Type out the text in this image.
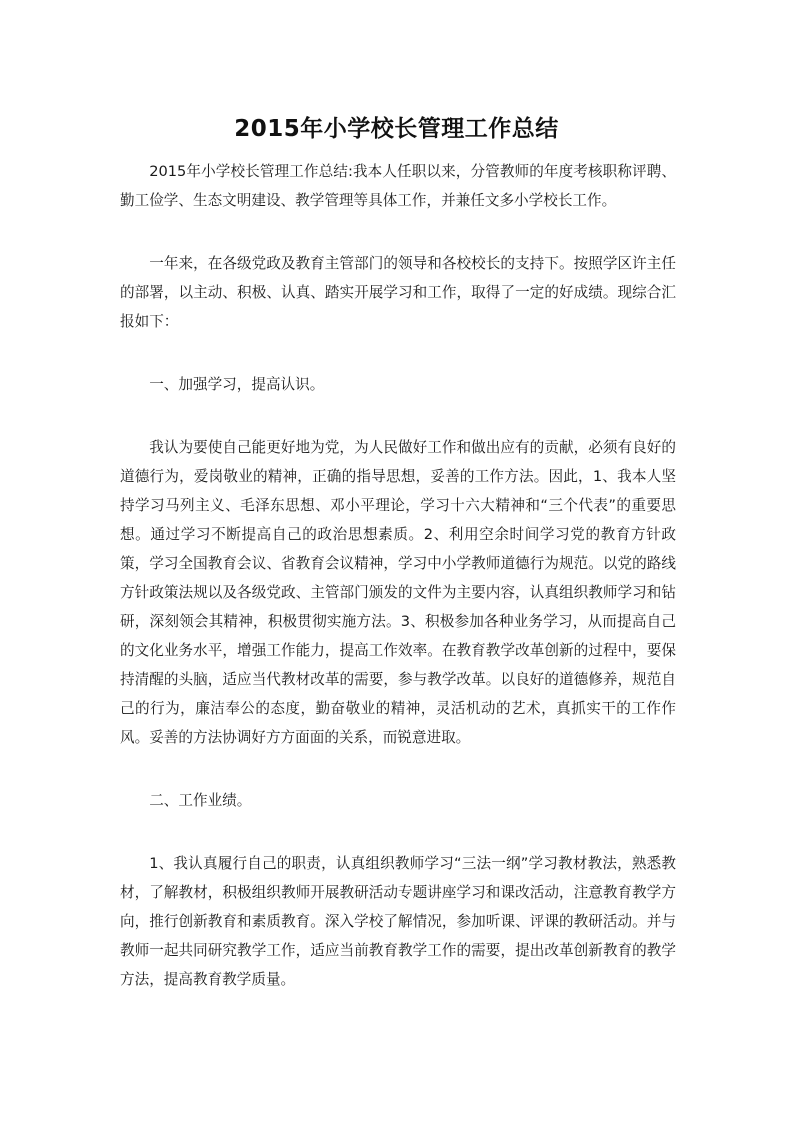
2015年小学校长管理工作总结

2015年小学校长管理工作总结:我本人任职以来，分管教师的年度考核职称评聘、勤工俭学、生态文明建设、教学管理等具体工作，并兼任文多小学校长工作。

一年来，在各级党政及教育主管部门的领导和各校校长的支持下。按照学区许主任的部署，以主动、积极、认真、踏实开展学习和工作，取得了一定的好成绩。现综合汇报如下：

一、加强学习，提高认识。

我认为要使自己能更好地为党，为人民做好工作和做出应有的贡献，必须有良好的道德行为，爱岗敬业的精神，正确的指导思想，妥善的工作方法。因此，1、我本人坚持学习马列主义、毛泽东思想、邓小平理论，学习十六大精神和“三个代表”的重要思想。通过学习不断提高自己的政治思想素质。2、利用空余时间学习党的教育方针政策，学习全国教育会议、省教育会议精神，学习中小学教师道德行为规范。以党的路线方针政策法规以及各级党政、主管部门颁发的文件为主要内容，认真组织教师学习和钻研，深刻领会其精神，积极贯彻实施方法。3、积极参加各种业务学习，从而提高自己的文化业务水平，增强工作能力，提高工作效率。在教育教学改革创新的过程中，要保持清醒的头脑，适应当代教材改革的需要，参与教学改革。以良好的道德修养，规范自己的行为，廉洁奉公的态度，勤奋敬业的精神，灵活机动的艺术，真抓实干的工作作风。妥善的方法协调好方方面面的关系，而锐意进取。

二、工作业绩。

1、我认真履行自己的职责，认真组织教师学习“三法一纲”学习教材教法，熟悉教材，了解教材，积极组织教师开展教研活动专题讲座学习和课改活动，注意教育教学方向，推行创新教育和素质教育。深入学校了解情况，参加听课、评课的教研活动。并与教师一起共同研究教学工作，适应当前教育教学工作的需要，提出改革创新教育的教学方法，提高教育教学质量。
